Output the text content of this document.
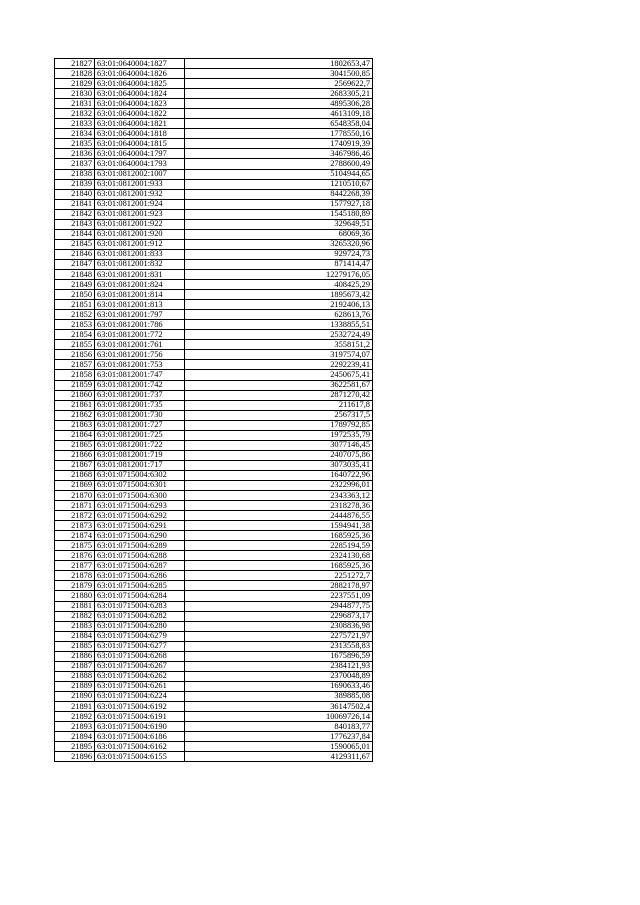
21827	63:01:0640004:1827	1802653,47
21828	63:01:0640004:1826	3041500,85
21829	63:01:0640004:1825	2569622,7
21830	63:01:0640004:1824	2683305,21
21831	63:01:0640004:1823	4895306,28
21832	63:01:0640004:1822	4613109,18
21833	63:01:0640004:1821	6548358,04
21834	63:01:0640004:1818	1778550,16
21835	63:01:0640004:1815	1740919,39
21836	63:01:0640004:1797	3467986,46
21837	63:01:0640004:1793	2788600,49
21838	63:01:0812002:1007	5104944,65
21839	63:01:0812001:933	1210510,67
21840	63:01:0812001:932	8442268,39
21841	63:01:0812001:924	1577927,18
21842	63:01:0812001:923	1545180,89
21843	63:01:0812001:922	329649,51
21844	63:01:0812001:920	68069,36
21845	63:01:0812001:912	3265320,96
21846	63:01:0812001:833	929724,73
21847	63:01:0812001:832	871414,47
21848	63:01:0812001:831	12279176,05
21849	63:01:0812001:824	408425,29
21850	63:01:0812001:814	1895673,42
21851	63:01:0812001:813	2192406,13
21852	63:01:0812001:797	628613,76
21853	63:01:0812001:786	1338855,51
21854	63:01:0812001:772	2532724,49
21855	63:01:0812001:761	3558151,2
21856	63:01:0812001:756	3197574,07
21857	63:01:0812001:753	2292239,41
21858	63:01:0812001:747	2450675,41
21859	63:01:0812001:742	3622581,67
21860	63:01:0812001:737	2871270,42
21861	63:01:0812001:735	211617,8
21862	63:01:0812001:730	2567317,5
21863	63:01:0812001:727	1789792,85
21864	63:01:0812001:725	1972535,79
21865	63:01:0812001:722	3077146,45
21866	63:01:0812001:719	2407075,86
21867	63:01:0812001:717	3073035,41
21868	63:01:0715004:6302	1640722,96
21869	63:01:0715004:6301	2322996,01
21870	63:01:0715004:6300	2343363,12
21871	63:01:0715004:6293	2318278,36
21872	63:01:0715004:6292	2444876,55
21873	63:01:0715004:6291	1594941,38
21874	63:01:0715004:6290	1685925,36
21875	63:01:0715004:6289	2285194,59
21876	63:01:0715004:6288	2324130,68
21877	63:01:0715004:6287	1685925,36
21878	63:01:0715004:6286	2251272,7
21879	63:01:0715004:6285	2882178,97
21880	63:01:0715004:6284	2237551,09
21881	63:01:0715004:6283	2944877,75
21882	63:01:0715004:6282	2296873,17
21883	63:01:0715004:6280	2308836,98
21884	63:01:0715004:6279	2275721,97
21885	63:01:0715004:6277	2313558,83
21886	63:01:0715004:6268	1675896,59
21887	63:01:0715004:6267	2384121,93
21888	63:01:0715004:6262	2370048,89
21889	63:01:0715004:6261	1690633,46
21890	63:01:0715004:6224	389885,08
21891	63:01:0715004:6192	36147502,4
21892	63:01:0715004:6191	10069726,14
21893	63:01:0715004:6190	840183,77
21894	63:01:0715004:6186	1776237,84
21895	63:01:0715004:6162	1590065,01
21896	63:01:0715004:6155	4129311,67
